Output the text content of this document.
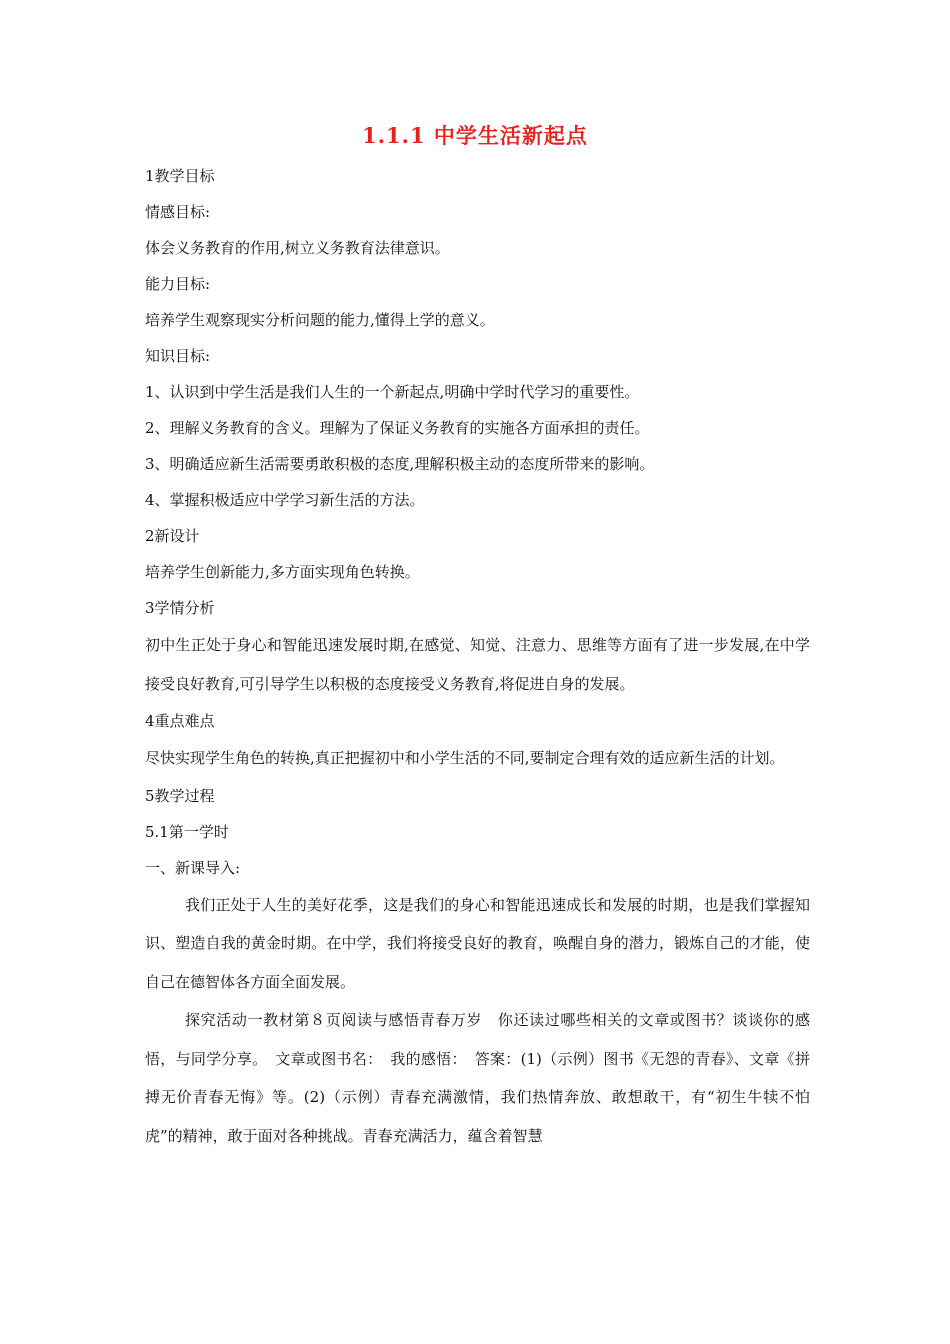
1.1.1 中学生活新起点
1教学目标
情感目标:
体会义务教育的作用,树立义务教育法律意识。
能力目标:
培养学生观察现实分析问题的能力,懂得上学的意义。
知识目标:
1、认识到中学生活是我们人生的一个新起点,明确中学时代学习的重要性。
2、理解义务教育的含义。理解为了保证义务教育的实施各方面承担的责任。
3、明确适应新生活需要勇敢积极的态度,理解积极主动的态度所带来的影响。
4、掌握积极适应中学学习新生活的方法。
2新设计
培养学生创新能力,多方面实现角色转换。
3学情分析
初中生正处于身心和智能迅速发展时期,在感觉、知觉、注意力、思维等方面有了进一步发展,在中学接受良好教育,可引导学生以积极的态度接受义务教育,将促进自身的发展。
4重点难点
尽快实现学生角色的转换,真正把握初中和小学生活的不同,要制定合理有效的适应新生活的计划。
5教学过程
5.1第一学时
一、新课导入:
我们正处于人生的美好花季，这是我们的身心和智能迅速成长和发展的时期，也是我们掌握知识、塑造自我的黄金时期。在中学，我们将接受良好的教育，唤醒自身的潜力，锻炼自己的才能，使自己在德智体各方面全面发展。
探究活动一教材第８页阅读与感悟青春万岁　你还读过哪些相关的文章或图书？谈谈你的感悟，与同学分享。　文章或图书名：　我的感悟：　答案：(1)（示例）图书《无怨的青春》、文章《拼搏无价青春无悔》等。(2)（示例）青春充满激情，我们热情奔放、敢想敢干，有“初生牛犊不怕虎”的精神，敢于面对各种挑战。青春充满活力，蕴含着智慧
